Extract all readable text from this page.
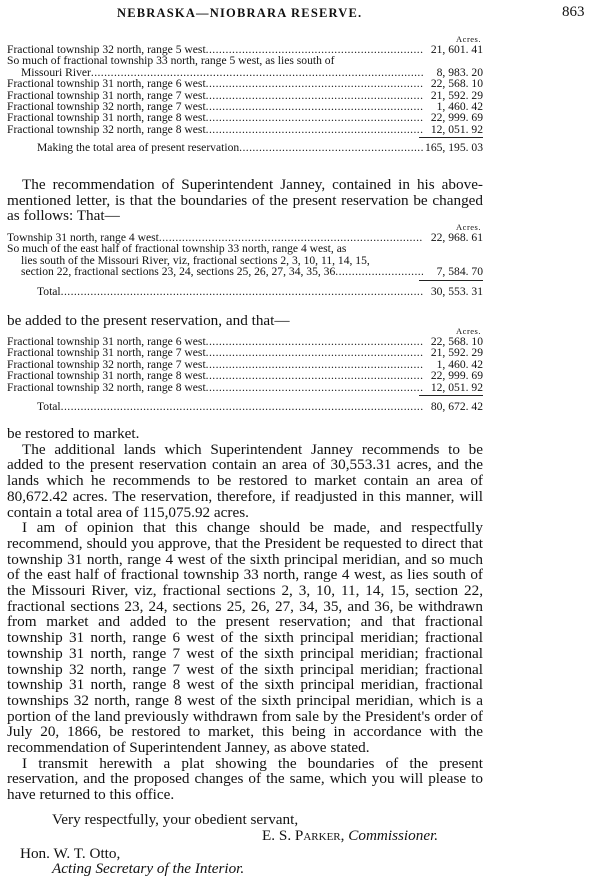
NEBRASKA—NIOBRARA RESERVE.	863
Acres.
Fractional township 32 north, range 5 west .....	21, 601. 41
So much of fractional township 33 north, range 5 west, as lies south of
Missouri River .....	8, 983. 20
Fractional township 31 north, range 6 west .....	22, 568. 10
Fractional township 31 north, range 7 west .....	21, 592. 29
Fractional township 32 north, range 7 west .....	1, 460. 42
Fractional township 31 north, range 8 west .....	22, 999. 69
Fractional township 32 north, range 8 west .....	12, 051. 92
Making the total area of present reservation .....	165, 195. 03

The recommendation of Superintendent Janney, contained in his above-mentioned letter, is that the boundaries of the present reservation be changed as follows: That—

Acres.
Township 31 north, range 4 west .....	22, 968. 61
So much of the east half of fractional township 33 north, range 4 west, as
lies south of the Missouri River, viz, fractional sections 2, 3, 10, 11, 14, 15,
section 22, fractional sections 23, 24, sections 25, 26, 27, 34, 35, 36 .....	7, 584. 70
Total .....	30, 553. 31

be added to the present reservation, and that—

Acres.
Fractional township 31 north, range 6 west .....	22, 568. 10
Fractional township 31 north, range 7 west .....	21, 592. 29
Fractional township 32 north, range 7 west .....	1, 460. 42
Fractional township 31 north, range 8 west .....	22, 999. 69
Fractional township 32 north, range 8 west .....	12, 051. 92
Total .....	80, 672. 42

be restored to market.

The additional lands which Superintendent Janney recommends to be added to the present reservation contain an area of 30,553.31 acres, and the lands which he recommends to be restored to market contain an area of 80,672.42 acres. The reservation, therefore, if readjusted in this manner, will contain a total area of 115,075.92 acres.

I am of opinion that this change should be made, and respectfully recommend, should you approve, that the President be requested to direct that township 31 north, range 4 west of the sixth principal meridian, and so much of the east half of fractional township 33 north, range 4 west, as lies south of the Missouri River, viz, fractional sections 2, 3, 10, 11, 14, 15, section 22, fractional sections 23, 24, sections 25, 26, 27, 34, 35, and 36, be withdrawn from market and added to the present reservation; and that fractional township 31 north, range 6 west of the sixth principal meridian; fractional township 31 north, range 7 west of the sixth principal meridian; fractional township 32 north, range 7 west of the sixth principal meridian; fractional township 31 north, range 8 west of the sixth principal meridian, fractional townships 32 north, range 8 west of the sixth principal meridian, which is a portion of the land previously withdrawn from sale by the President's order of July 20, 1866, be restored to market, this being in accordance with the recommendation of Superintendent Janney, as above stated.

I transmit herewith a plat showing the boundaries of the present reservation, and the proposed changes of the same, which you will please to have returned to this office.

Very respectfully, your obedient servant,
E. S. Parker, Commissioner.
Hon. W. T. Otto,
Acting Secretary of the Interior.
